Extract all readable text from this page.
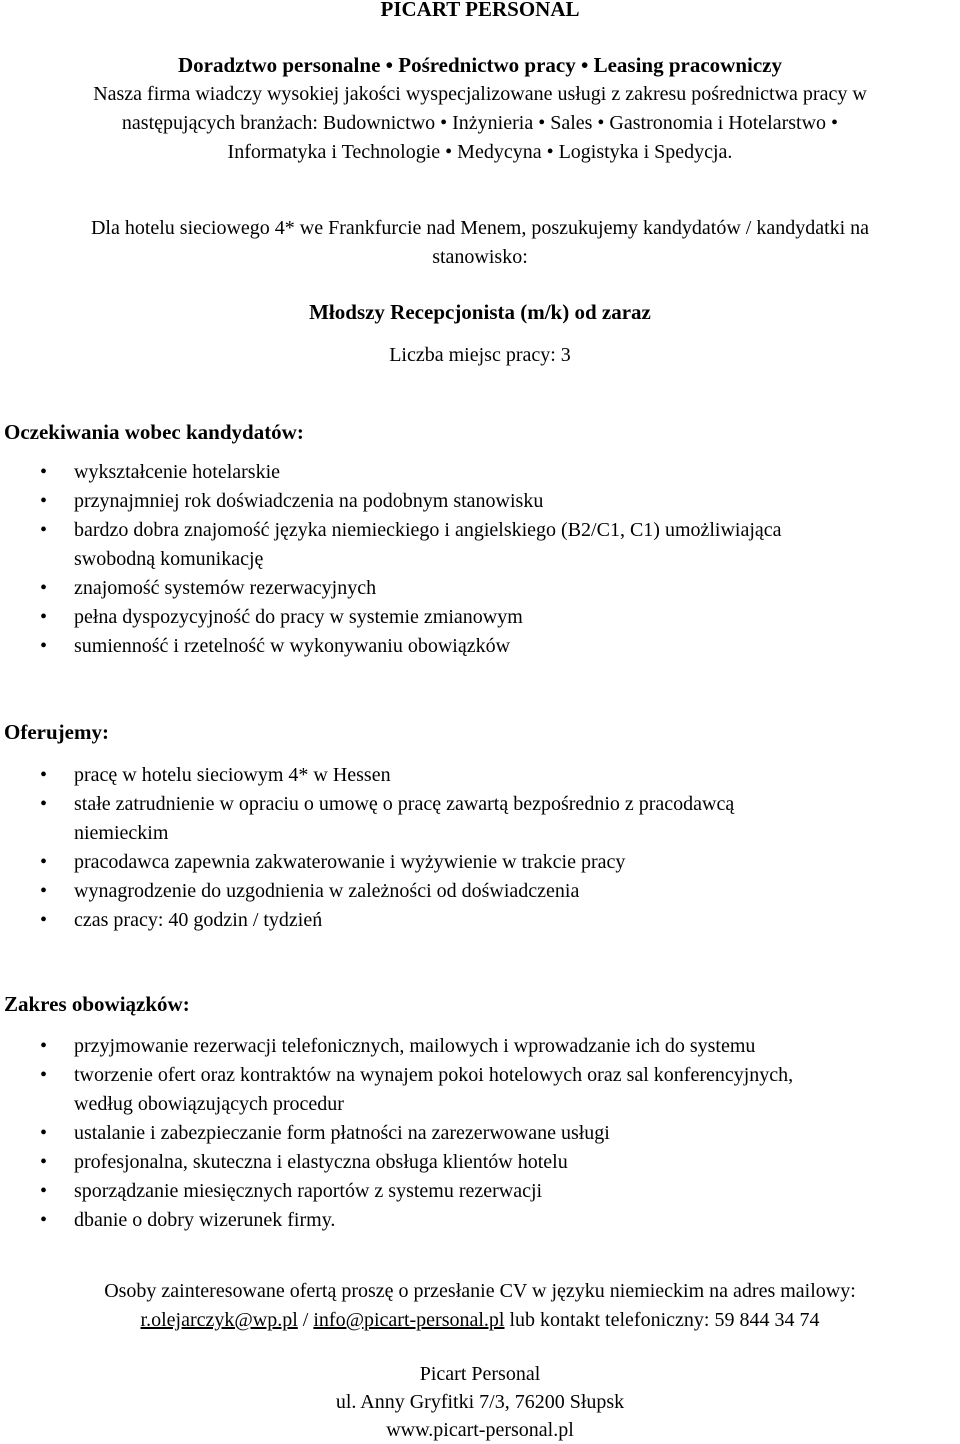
PICART PERSONAL
Doradztwo personalne • Pośrednictwo pracy • Leasing pracowniczy
Nasza firma wiadczy wysokiej jakości wyspecjalizowane usługi z zakresu pośrednictwa pracy w
następujących branżach: Budownictwo • Inżynieria • Sales • Gastronomia i Hotelarstwo •
Informatyka i Technologie • Medycyna • Logistyka i Spedycja.
Dla hotelu sieciowego 4* we Frankfurcie nad Menem, poszukujemy kandydatów / kandydatki na
stanowisko:
Młodszy Recepcjonista (m/k) od zaraz
Liczba miejsc pracy: 3
Oczekiwania wobec kandydatów:
• wykształcenie hotelarskie
• przynajmniej rok doświadczenia na podobnym stanowisku
• bardzo dobra znajomość języka niemieckiego i angielskiego (B2/C1, C1) umożliwiająca
swobodną komunikację
• znajomość systemów rezerwacyjnych
• pełna dyspozycyjność do pracy w systemie zmianowym
• sumienność i rzetelność w wykonywaniu obowiązków
Oferujemy:
• pracę w hotelu sieciowym 4* w Hessen
• stałe zatrudnienie w opraciu o umowę o pracę zawartą bezpośrednio z pracodawcą
niemieckim
• pracodawca zapewnia zakwaterowanie i wyżywienie w trakcie pracy
• wynagrodzenie do uzgodnienia w zależności od doświadczenia
• czas pracy: 40 godzin / tydzień
Zakres obowiązków:
• przyjmowanie rezerwacji telefonicznych, mailowych i wprowadzanie ich do systemu
• tworzenie ofert oraz kontraktów na wynajem pokoi hotelowych oraz sal konferencyjnych,
według obowiązujących procedur
• ustalanie i zabezpieczanie form płatności na zarezerwowane usługi
• profesjonalna, skuteczna i elastyczna obsługa klientów hotelu
• sporządzanie miesięcznych raportów z systemu rezerwacji
• dbanie o dobry wizerunek firmy.
Osoby zainteresowane ofertą proszę o przesłanie CV w języku niemieckim na adres mailowy:
r.olejarczyk@wp.pl / info@picart-personal.pl lub kontakt telefoniczny: 59 844 34 74
Picart Personal
ul. Anny Gryfitki 7/3, 76200 Słupsk
www.picart-personal.pl
